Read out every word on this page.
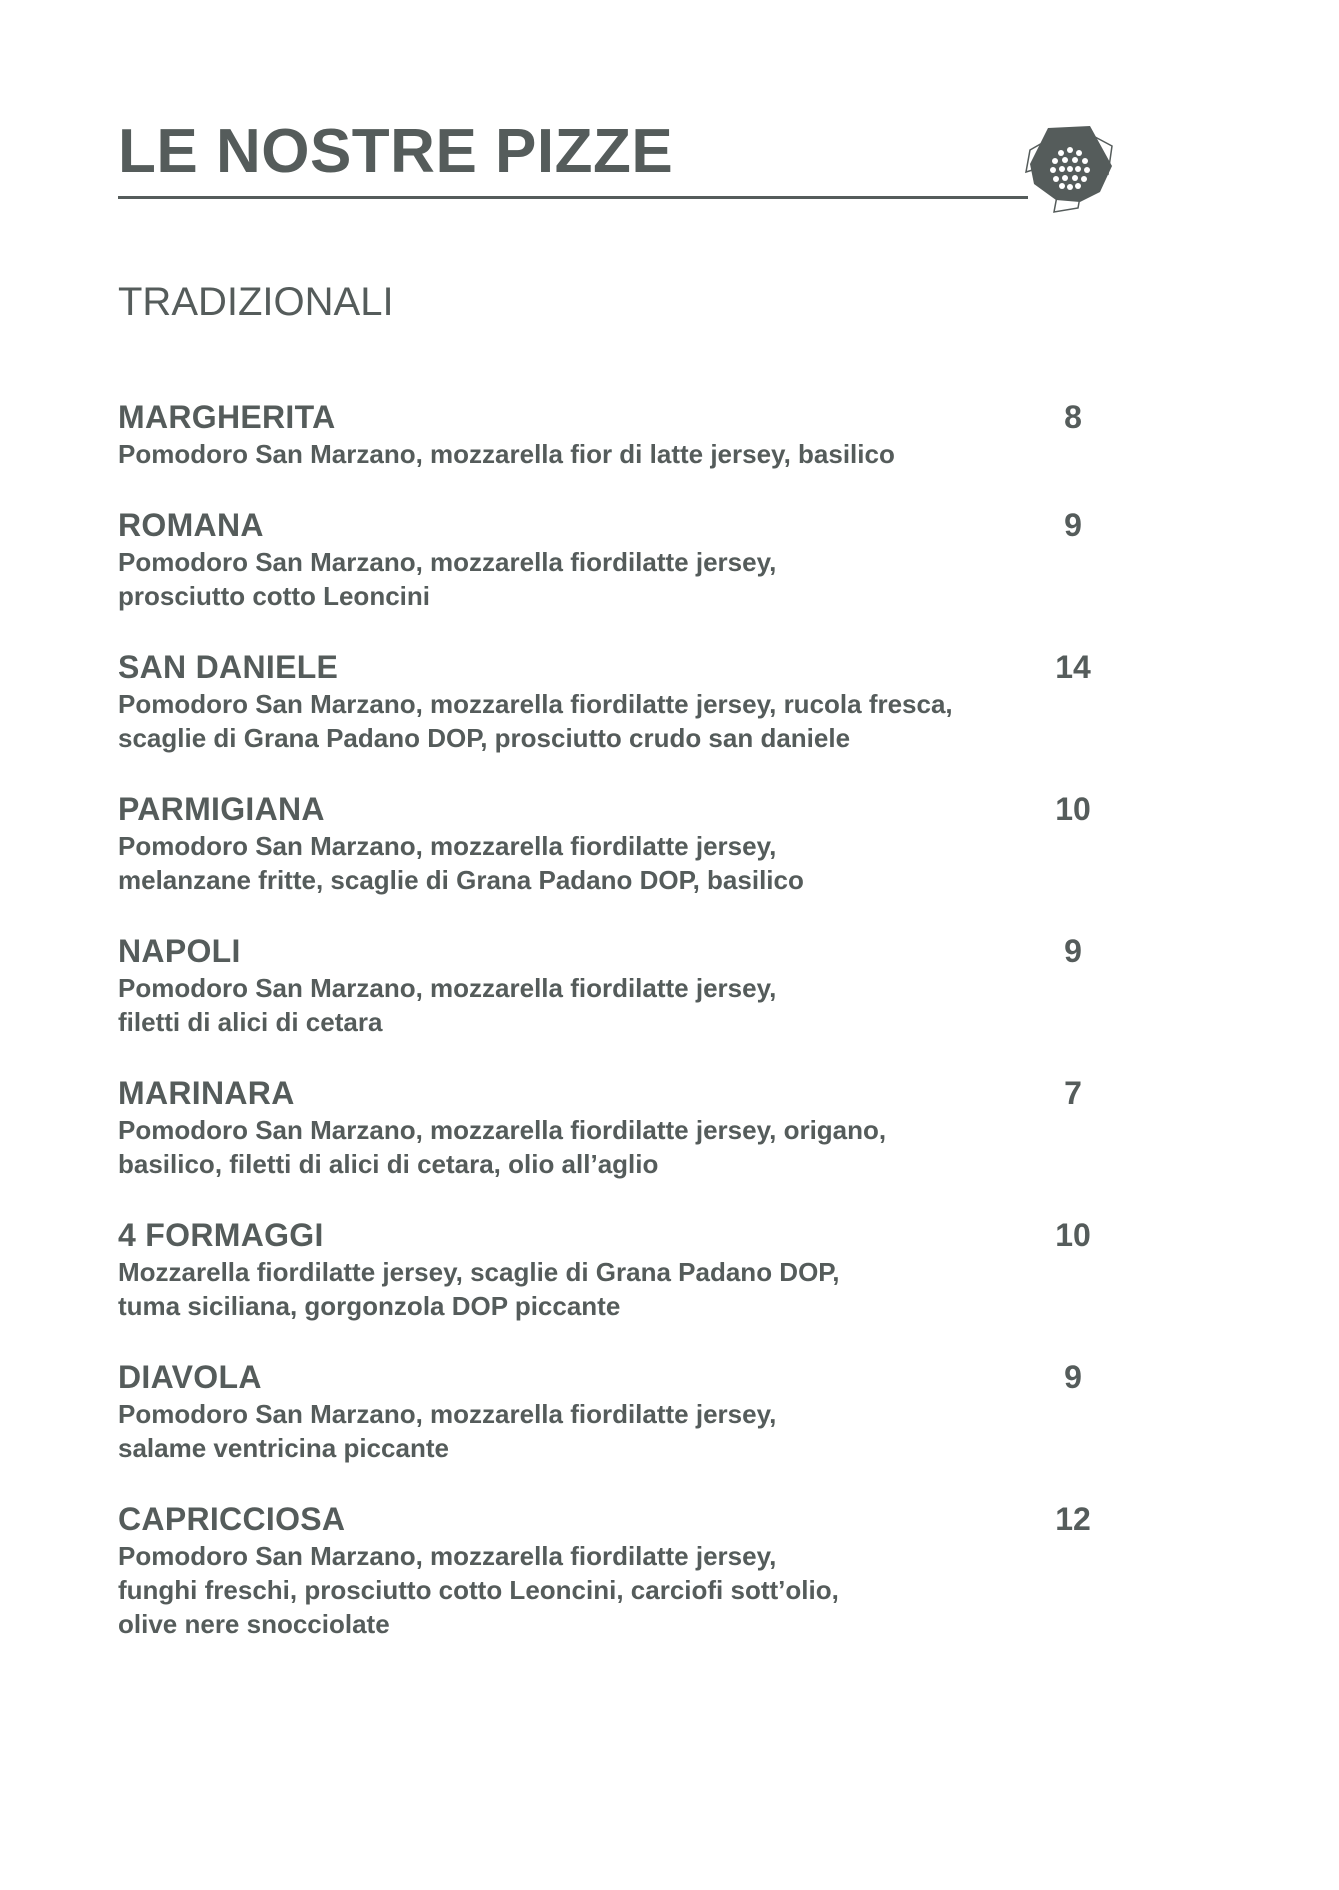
LE NOSTRE PIZZE
TRADIZIONALI
MARGHERITA	8
Pomodoro San Marzano, mozzarella fior di latte jersey, basilico
ROMANA	9
Pomodoro San Marzano, mozzarella fiordilatte jersey,
prosciutto cotto Leoncini
SAN DANIELE	14
Pomodoro San Marzano, mozzarella fiordilatte jersey, rucola fresca,
scaglie di Grana Padano DOP, prosciutto crudo san daniele
PARMIGIANA	10
Pomodoro San Marzano, mozzarella fiordilatte jersey,
melanzane fritte, scaglie di Grana Padano DOP, basilico
NAPOLI	9
Pomodoro San Marzano, mozzarella fiordilatte jersey,
filetti di alici di cetara
MARINARA	7
Pomodoro San Marzano, mozzarella fiordilatte jersey, origano,
basilico, filetti di alici di cetara, olio all’aglio
4 FORMAGGI	10
Mozzarella fiordilatte jersey, scaglie di Grana Padano DOP,
tuma siciliana, gorgonzola DOP piccante
DIAVOLA	9
Pomodoro San Marzano, mozzarella fiordilatte jersey,
salame ventricina piccante
CAPRICCIOSA	12
Pomodoro San Marzano, mozzarella fiordilatte jersey,
funghi freschi, prosciutto cotto Leoncini, carciofi sott’olio,
olive nere snocciolate
